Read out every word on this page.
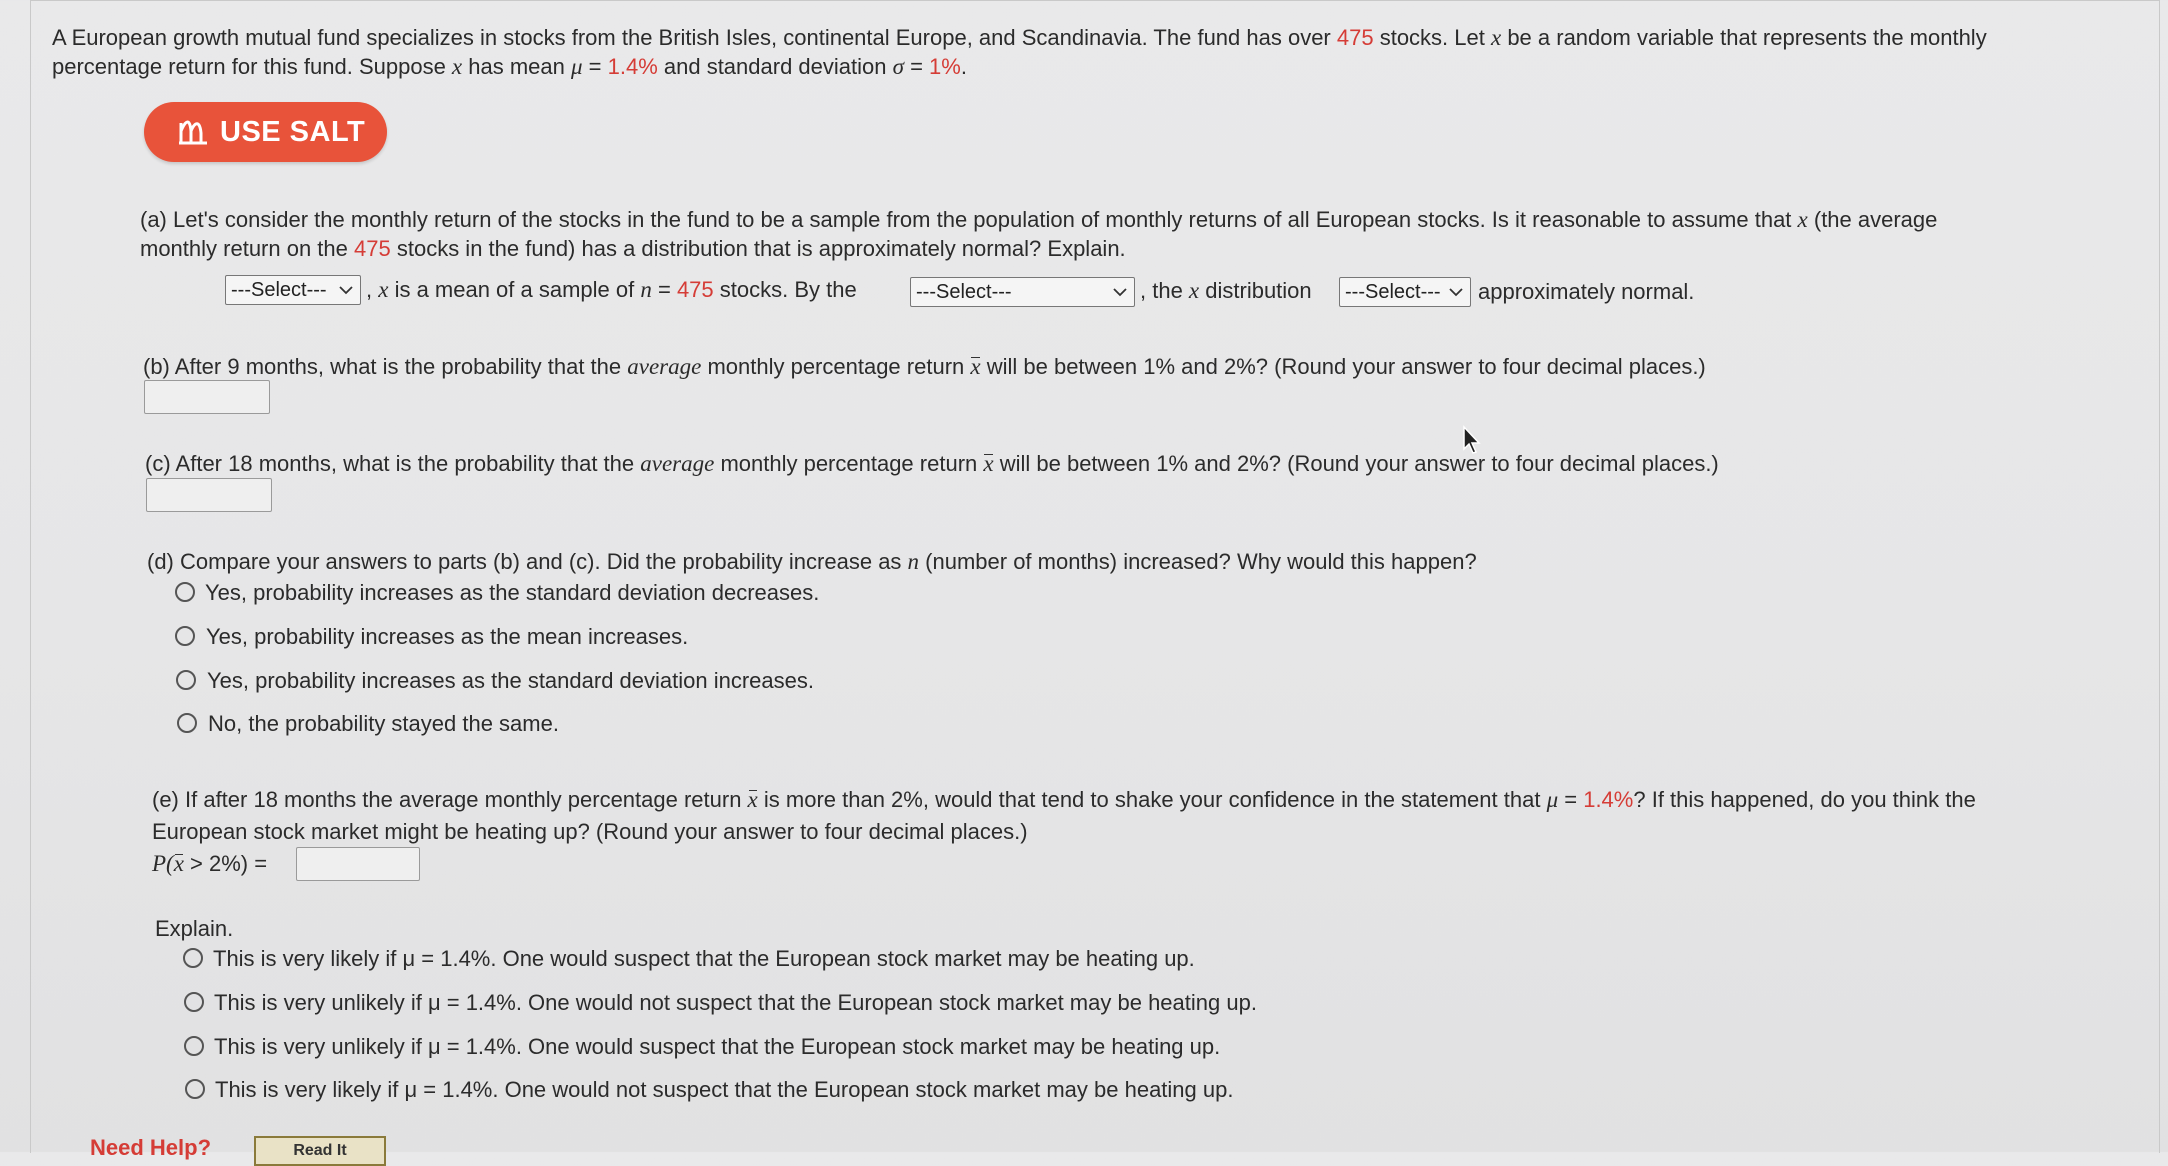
A European growth mutual fund specializes in stocks from the British Isles, continental Europe, and Scandinavia. The fund has over 475 stocks. Let x be a random variable that represents the monthly
percentage return for this fund. Suppose x has mean μ = 1.4% and standard deviation σ = 1%.
USE SALT
(a) Let's consider the monthly return of the stocks in the fund to be a sample from the population of monthly returns of all European stocks. Is it reasonable to assume that x (the average
monthly return on the 475 stocks in the fund) has a distribution that is approximately normal? Explain.
---Select--- , x is a mean of a sample of n = 475 stocks. By the	---Select---	, the x distribution ---Select--- approximately normal.
(b) After 9 months, what is the probability that the average monthly percentage return x will be between 1% and 2%? (Round your answer to four decimal places.)
(c) After 18 months, what is the probability that the average monthly percentage return x will be between 1% and 2%? (Round your answer to four decimal places.)
(d) Compare your answers to parts (b) and (c). Did the probability increase as n (number of months) increased? Why would this happen?
Yes, probability increases as the standard deviation decreases.
Yes, probability increases as the mean increases.
Yes, probability increases as the standard deviation increases.
No, the probability stayed the same.
(e) If after 18 months the average monthly percentage return x is more than 2%, would that tend to shake your confidence in the statement that μ = 1.4%? If this happened, do you think the
European stock market might be heating up? (Round your answer to four decimal places.)
P(x > 2%) =
Explain.
This is very likely if μ = 1.4%. One would suspect that the European stock market may be heating up.
This is very unlikely if μ = 1.4%. One would not suspect that the European stock market may be heating up.
This is very unlikely if μ = 1.4%. One would suspect that the European stock market may be heating up.
This is very likely if μ = 1.4%. One would not suspect that the European stock market may be heating up.
Need Help?	Read It
